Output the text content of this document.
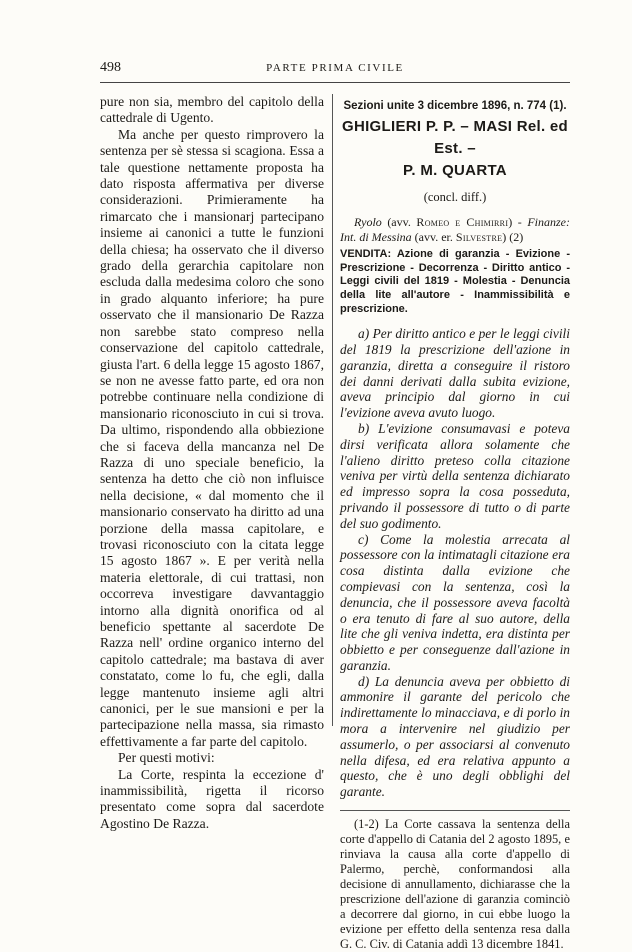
498	PARTE PRIMA CIVILE

pure non sia, membro del capitolo della cattedrale di Ugento.

Ma anche per questo rimprovero la sentenza per sè stessa si scagiona. Essa a tale questione nettamente proposta ha dato risposta affermativa per diverse considerazioni. Primieramente ha rimarcato che i mansionarj partecipano insieme ai canonici a tutte le funzioni della chiesa; ha osservato che il diverso grado della gerarchia capitolare non escluda dalla medesima coloro che sono in grado alquanto inferiore; ha pure osservato che il mansionario De Razza non sarebbe stato compreso nella conservazione del capitolo cattedrale, giusta l'art. 6 della legge 15 agosto 1867, se non ne avesse fatto parte, ed ora non potrebbe continuare nella condizione di mansionario riconosciuto in cui si trova. Da ultimo, rispondendo alla obbiezione che si faceva della mancanza nel De Razza di uno speciale beneficio, la sentenza ha detto che ciò non influisce nella decisione, « dal momento che il mansionario conservato ha diritto ad una porzione della massa capitolare, e trovasi riconosciuto con la citata legge 15 agosto 1867 ». E per verità nella materia elettorale, di cui trattasi, non occorreva investigare davvantaggio intorno alla dignità onorifica od al beneficio spettante al sacerdote De Razza nell' ordine organico interno del capitolo cattedrale; ma bastava di aver constatato, come lo fu, che egli, dalla legge mantenuto insieme agli altri canonici, per le sue mansioni e per la partecipazione nella massa, sia rimasto effettivamente a far parte del capitolo.

Per questi motivi:

La Corte, respinta la eccezione d' inammissibilità, rigetta il ricorso presentato come sopra dal sacerdote Agostino De Razza.

Sezioni unite 3 dicembre 1896, n. 774 (1).
GHIGLIERI P. P. – MASI Rel. ed Est. –
P. M. QUARTA
(concl. diff.)

Ryolo (avv. Romeo e Chimirri) - Finanze: Int. di Messina (avv. er. Silvestre) (2)

VENDITA: Azione di garanzia - Evizione - Prescrizione - Decorrenza - Diritto antico - Leggi civili del 1819 - Molestia - Denuncia della lite all'autore - Inammissibilità e prescrizione.

a) Per diritto antico e per le leggi civili del 1819 la prescrizione dell'azione in garanzia, diretta a conseguire il ristoro dei danni derivati dalla subita evizione, aveva principio dal giorno in cui l'evizione aveva avuto luogo.

b) L'evizione consumavasi e poteva dirsi verificata allora solamente che l'alieno diritto preteso colla citazione veniva per virtù della sentenza dichiarato ed impresso sopra la cosa posseduta, privando il possessore di tutto o di parte del suo godimento.

c) Come la molestia arrecata al possessore con la intimatagli citazione era cosa distinta dalla evizione che compievasi con la sentenza, così la denuncia, che il possessore aveva facoltà o era tenuto di fare al suo autore, della lite che gli veniva indetta, era distinta per obbietto e per conseguenze dall'azione in garanzia.

d) La denuncia aveva per obbietto di ammonire il garante del pericolo che indirettamente lo minacciava, e di porlo in mora a intervenire nel giudizio per assumerlo, o per associarsi al convenuto nella difesa, ed era relativa appunto a questo, che è uno degli obblighi del garante.

(1-2) La Corte cassava la sentenza della corte d'appello di Catania del 2 agosto 1895, e rinviava la causa alla corte d'appello di Palermo, perchè, conformandosi alla decisione di annullamento, dichiarasse che la prescrizione dell'azione di garanzia cominciò a decorrere dal giorno, in cui ebbe luogo la evizione per effetto della sentenza resa dalla G. C. Civ. di Catania addì 13 dicembre 1841.
